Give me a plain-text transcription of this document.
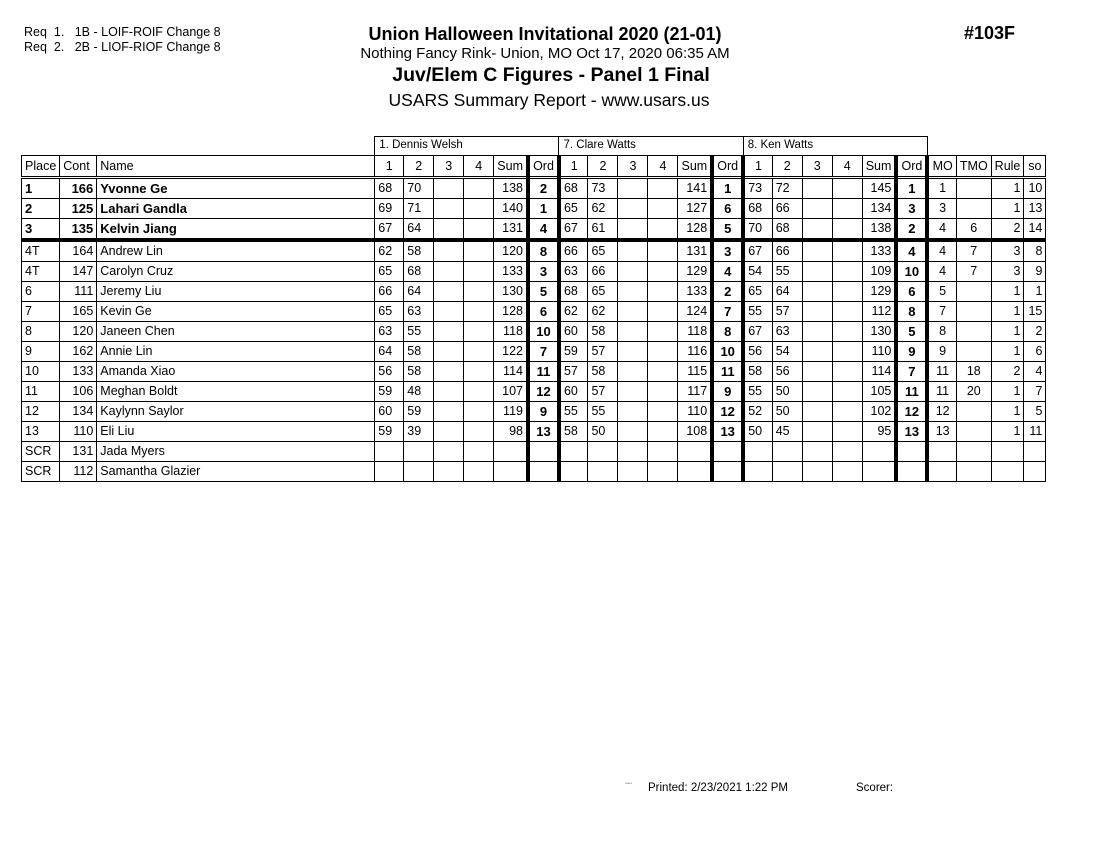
Req  1.   1B - LOIF-ROIF Change 8
Req  2.   2B - LIOF-RIOF Change 8
Union Halloween Invitational 2020 (21-01)
Nothing Fancy Rink- Union, MO Oct 17, 2020 06:35 AM
Juv/Elem C Figures - Panel 1 Final
USARS Summary Report - www.usars.us
#103F
			1. Dennis Welsh						7. Clare Watts						8. Ken Watts									
Place	Cont	Name	1	2	3	4	Sum	Ord	1	2	3	4	Sum	Ord	1	2	3	4	Sum	Ord	MO	TMO	Rule	so
1	166	Yvonne Ge	68	70			138	2	68	73			141	1	73	72			145	1	1		1	10
2	125	Lahari Gandla	69	71			140	1	65	62			127	6	68	66			134	3	3		1	13
3	135	Kelvin Jiang	67	64			131	4	67	61			128	5	70	68			138	2	4	6	2	14
4T	164	Andrew Lin	62	58			120	8	66	65			131	3	67	66			133	4	4	7	3	8
4T	147	Carolyn Cruz	65	68			133	3	63	66			129	4	54	55			109	10	4	7	3	9
6	111	Jeremy Liu	66	64			130	5	68	65			133	2	65	64			129	6	5		1	1
7	165	Kevin Ge	65	63			128	6	62	62			124	7	55	57			112	8	7		1	15
8	120	Janeen Chen	63	55			118	10	60	58			118	8	67	63			130	5	8		1	2
9	162	Annie Lin	64	58			122	7	59	57			116	10	56	54			110	9	9		1	6
10	133	Amanda Xiao	56	58			114	11	57	58			115	11	58	56			114	7	11	18	2	4
11	106	Meghan Boldt	59	48			107	12	60	57			117	9	55	50			105	11	11	20	1	7
12	134	Kaylynn Saylor	60	59			119	9	55	55			110	12	52	50			102	12	12		1	5
13	110	Eli Liu	59	39			98	13	58	50			108	13	50	45			95	13	13		1	11
SCR	131	Jada Myers																						
SCR	112	Samantha Glazier																						
▫▫▫▫ Printed: 2/23/2021 1:22 PM	Scorer:
